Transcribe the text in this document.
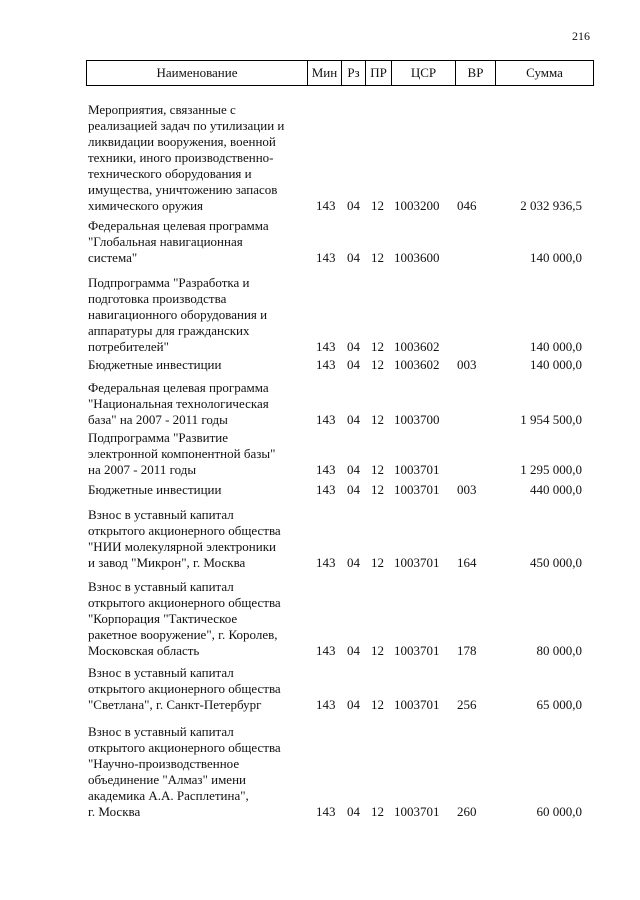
216
Наименование	Мин Рз ПР	ЦСР	ВР	Сумма
Мероприятия, связанные с
реализацией задач по утилизации и
ликвидации вооружения, военной
техники, иного производственно-
технического оборудования и
имущества, уничтожению запасов
химического оружия	143 04 12 1003200 046	2 032 936,5
Федеральная целевая программа
"Глобальная навигационная
система"	143 04 12 1003600	140 000,0
Подпрограмма "Разработка и
подготовка производства
навигационного оборудования и
аппаратуры для гражданских
потребителей"	143 04 12 1003602	140 000,0
Бюджетные инвестиции	143 04 12 1003602 003	140 000,0
Федеральная целевая программа
"Национальная технологическая
база" на 2007 - 2011 годы	143 04 12 1003700	1 954 500,0
Подпрограмма "Развитие
электронной компонентной базы"
на 2007 - 2011 годы	143 04 12 1003701	1 295 000,0
Бюджетные инвестиции	143 04 12 1003701 003	440 000,0
Взнос в уставный капитал
открытого акционерного общества
"НИИ молекулярной электроники
и завод "Микрон", г. Москва	143 04 12 1003701 164	450 000,0
Взнос в уставный капитал
открытого акционерного общества
"Корпорация "Тактическое
ракетное вооружение", г. Королев,
Московская область	143 04 12 1003701 178	80 000,0
Взнос в уставный капитал
открытого акционерного общества
"Светлана", г. Санкт-Петербург	143 04 12 1003701 256	65 000,0
Взнос в уставный капитал
открытого акционерного общества
"Научно-производственное
объединение "Алмаз" имени
академика А.А. Расплетина",
г. Москва	143 04 12 1003701 260	60 000,0
